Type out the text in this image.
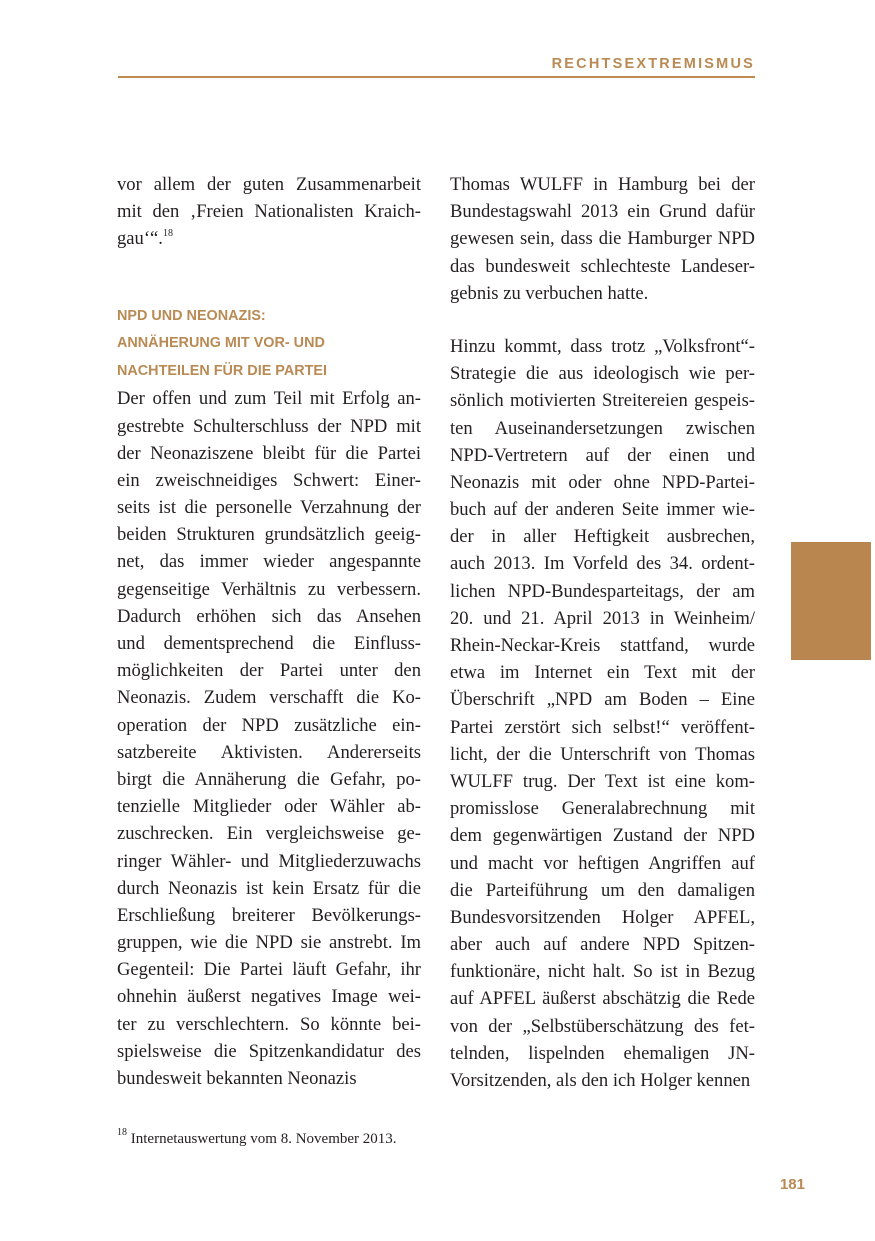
RECHTSEXTREMISMUS
vor allem der guten Zusammenarbeit
mit den ‚Freien Nationalisten Kraich-
gau‘“.$^{18}$
NPD UND NEONAZIS:
ANNÄHERUNG MIT VOR- UND
NACHTEILEN FÜR DIE PARTEI
Der offen und zum Teil mit Erfolg an-
gestrebte Schulterschluss der NPD mit
der Neonaziszene bleibt für die Partei
ein zweischneidiges Schwert: Einer-
seits ist die personelle Verzahnung der
beiden Strukturen grundsätzlich geeig-
net, das immer wieder angespannte
gegenseitige Verhältnis zu verbessern.
Dadurch erhöhen sich das Ansehen
und dementsprechend die Einfluss-
möglichkeiten der Partei unter den
Neonazis. Zudem verschafft die Ko-
operation der NPD zusätzliche ein-
satzbereite Aktivisten. Andererseits
birgt die Annäherung die Gefahr, po-
tenzielle Mitglieder oder Wähler ab-
zuschrecken. Ein vergleichsweise ge-
ringer Wähler- und Mitgliederzuwachs
durch Neonazis ist kein Ersatz für die
Erschließung breiterer Bevölkerungs-
gruppen, wie die NPD sie anstrebt. Im
Gegenteil: Die Partei läuft Gefahr, ihr
ohnehin äußerst negatives Image wei-
ter zu verschlechtern. So könnte bei-
spielsweise die Spitzenkandidatur des
bundesweit bekannten Neonazis
Thomas WULFF in Hamburg bei der
Bundestagswahl 2013 ein Grund dafür
gewesen sein, dass die Hamburger NPD
das bundesweit schlechteste Landeser-
gebnis zu verbuchen hatte.
Hinzu kommt, dass trotz „Volksfront“-
Strategie die aus ideologisch wie per-
sönlich motivierten Streitereien gespeis-
ten Auseinandersetzungen zwischen
NPD-Vertretern auf der einen und
Neonazis mit oder ohne NPD-Partei-
buch auf der anderen Seite immer wie-
der in aller Heftigkeit ausbrechen,
auch 2013. Im Vorfeld des 34. ordent-
lichen NPD-Bundesparteitags, der am
20. und 21. April 2013 in Weinheim/
Rhein-Neckar-Kreis stattfand, wurde
etwa im Internet ein Text mit der
Überschrift „NPD am Boden – Eine
Partei zerstört sich selbst!“ veröffent-
licht, der die Unterschrift von Thomas
WULFF trug. Der Text ist eine kom-
promisslose Generalabrechnung mit
dem gegenwärtigen Zustand der NPD
und macht vor heftigen Angriffen auf
die Parteiführung um den damaligen
Bundesvorsitzenden Holger APFEL,
aber auch auf andere NPD Spitzen-
funktionäre, nicht halt. So ist in Bezug
auf APFEL äußerst abschätzig die Rede
von der „Selbstüberschätzung des fet-
telnden, lispelnden ehemaligen JN-
Vorsitzenden, als den ich Holger kennen
$^{18}$ Internetauswertung vom 8. November 2013.
181
